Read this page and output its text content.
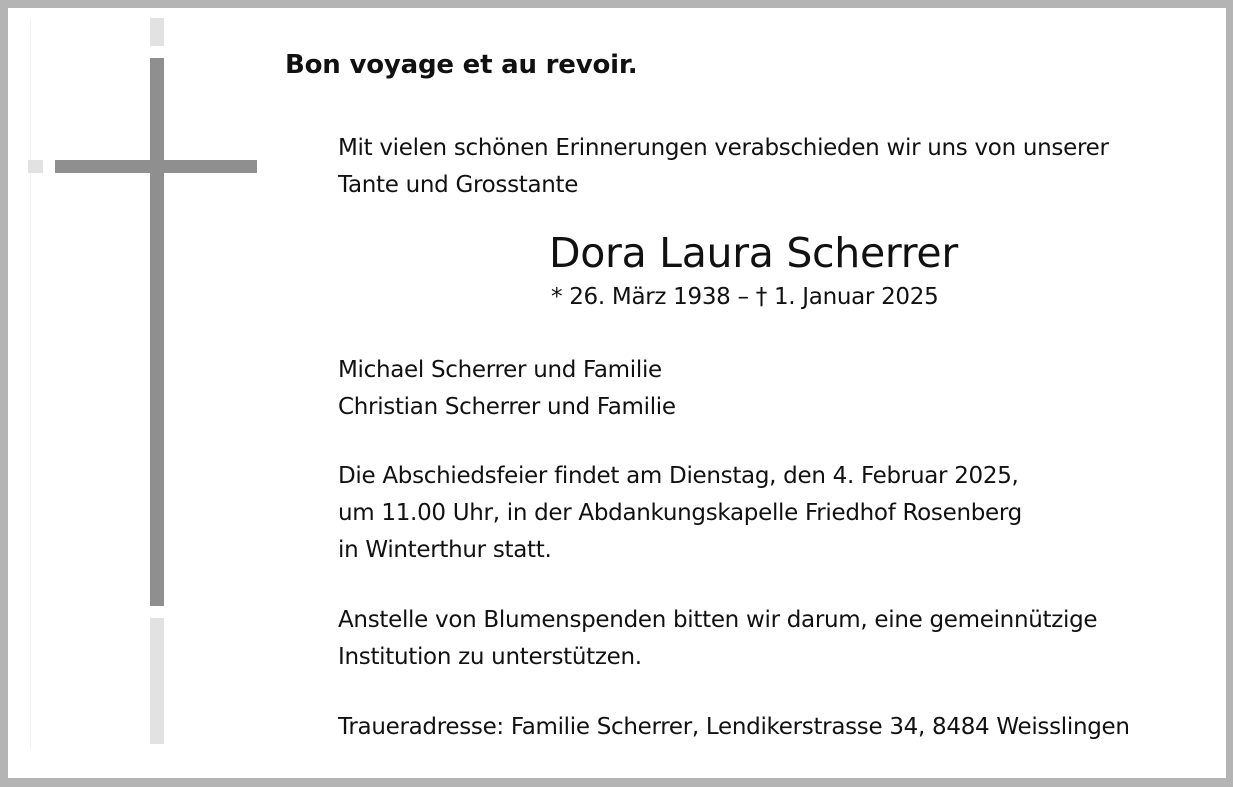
Bon voyage et au revoir.
Mit vielen schönen Erinnerungen verabschieden wir uns von unserer
Tante und Grosstante
Dora Laura Scherrer
* 26. März 1938 – † 1. Januar 2025
Michael Scherrer und Familie
Christian Scherrer und Familie
Die Abschiedsfeier findet am Dienstag, den 4. Februar 2025,
um 11.00 Uhr, in der Abdankungskapelle Friedhof Rosenberg
in Winterthur statt.
Anstelle von Blumenspenden bitten wir darum, eine gemeinnützige
Institution zu unterstützen.
Traueradresse: Familie Scherrer, Lendikerstrasse 34, 8484 Weisslingen
